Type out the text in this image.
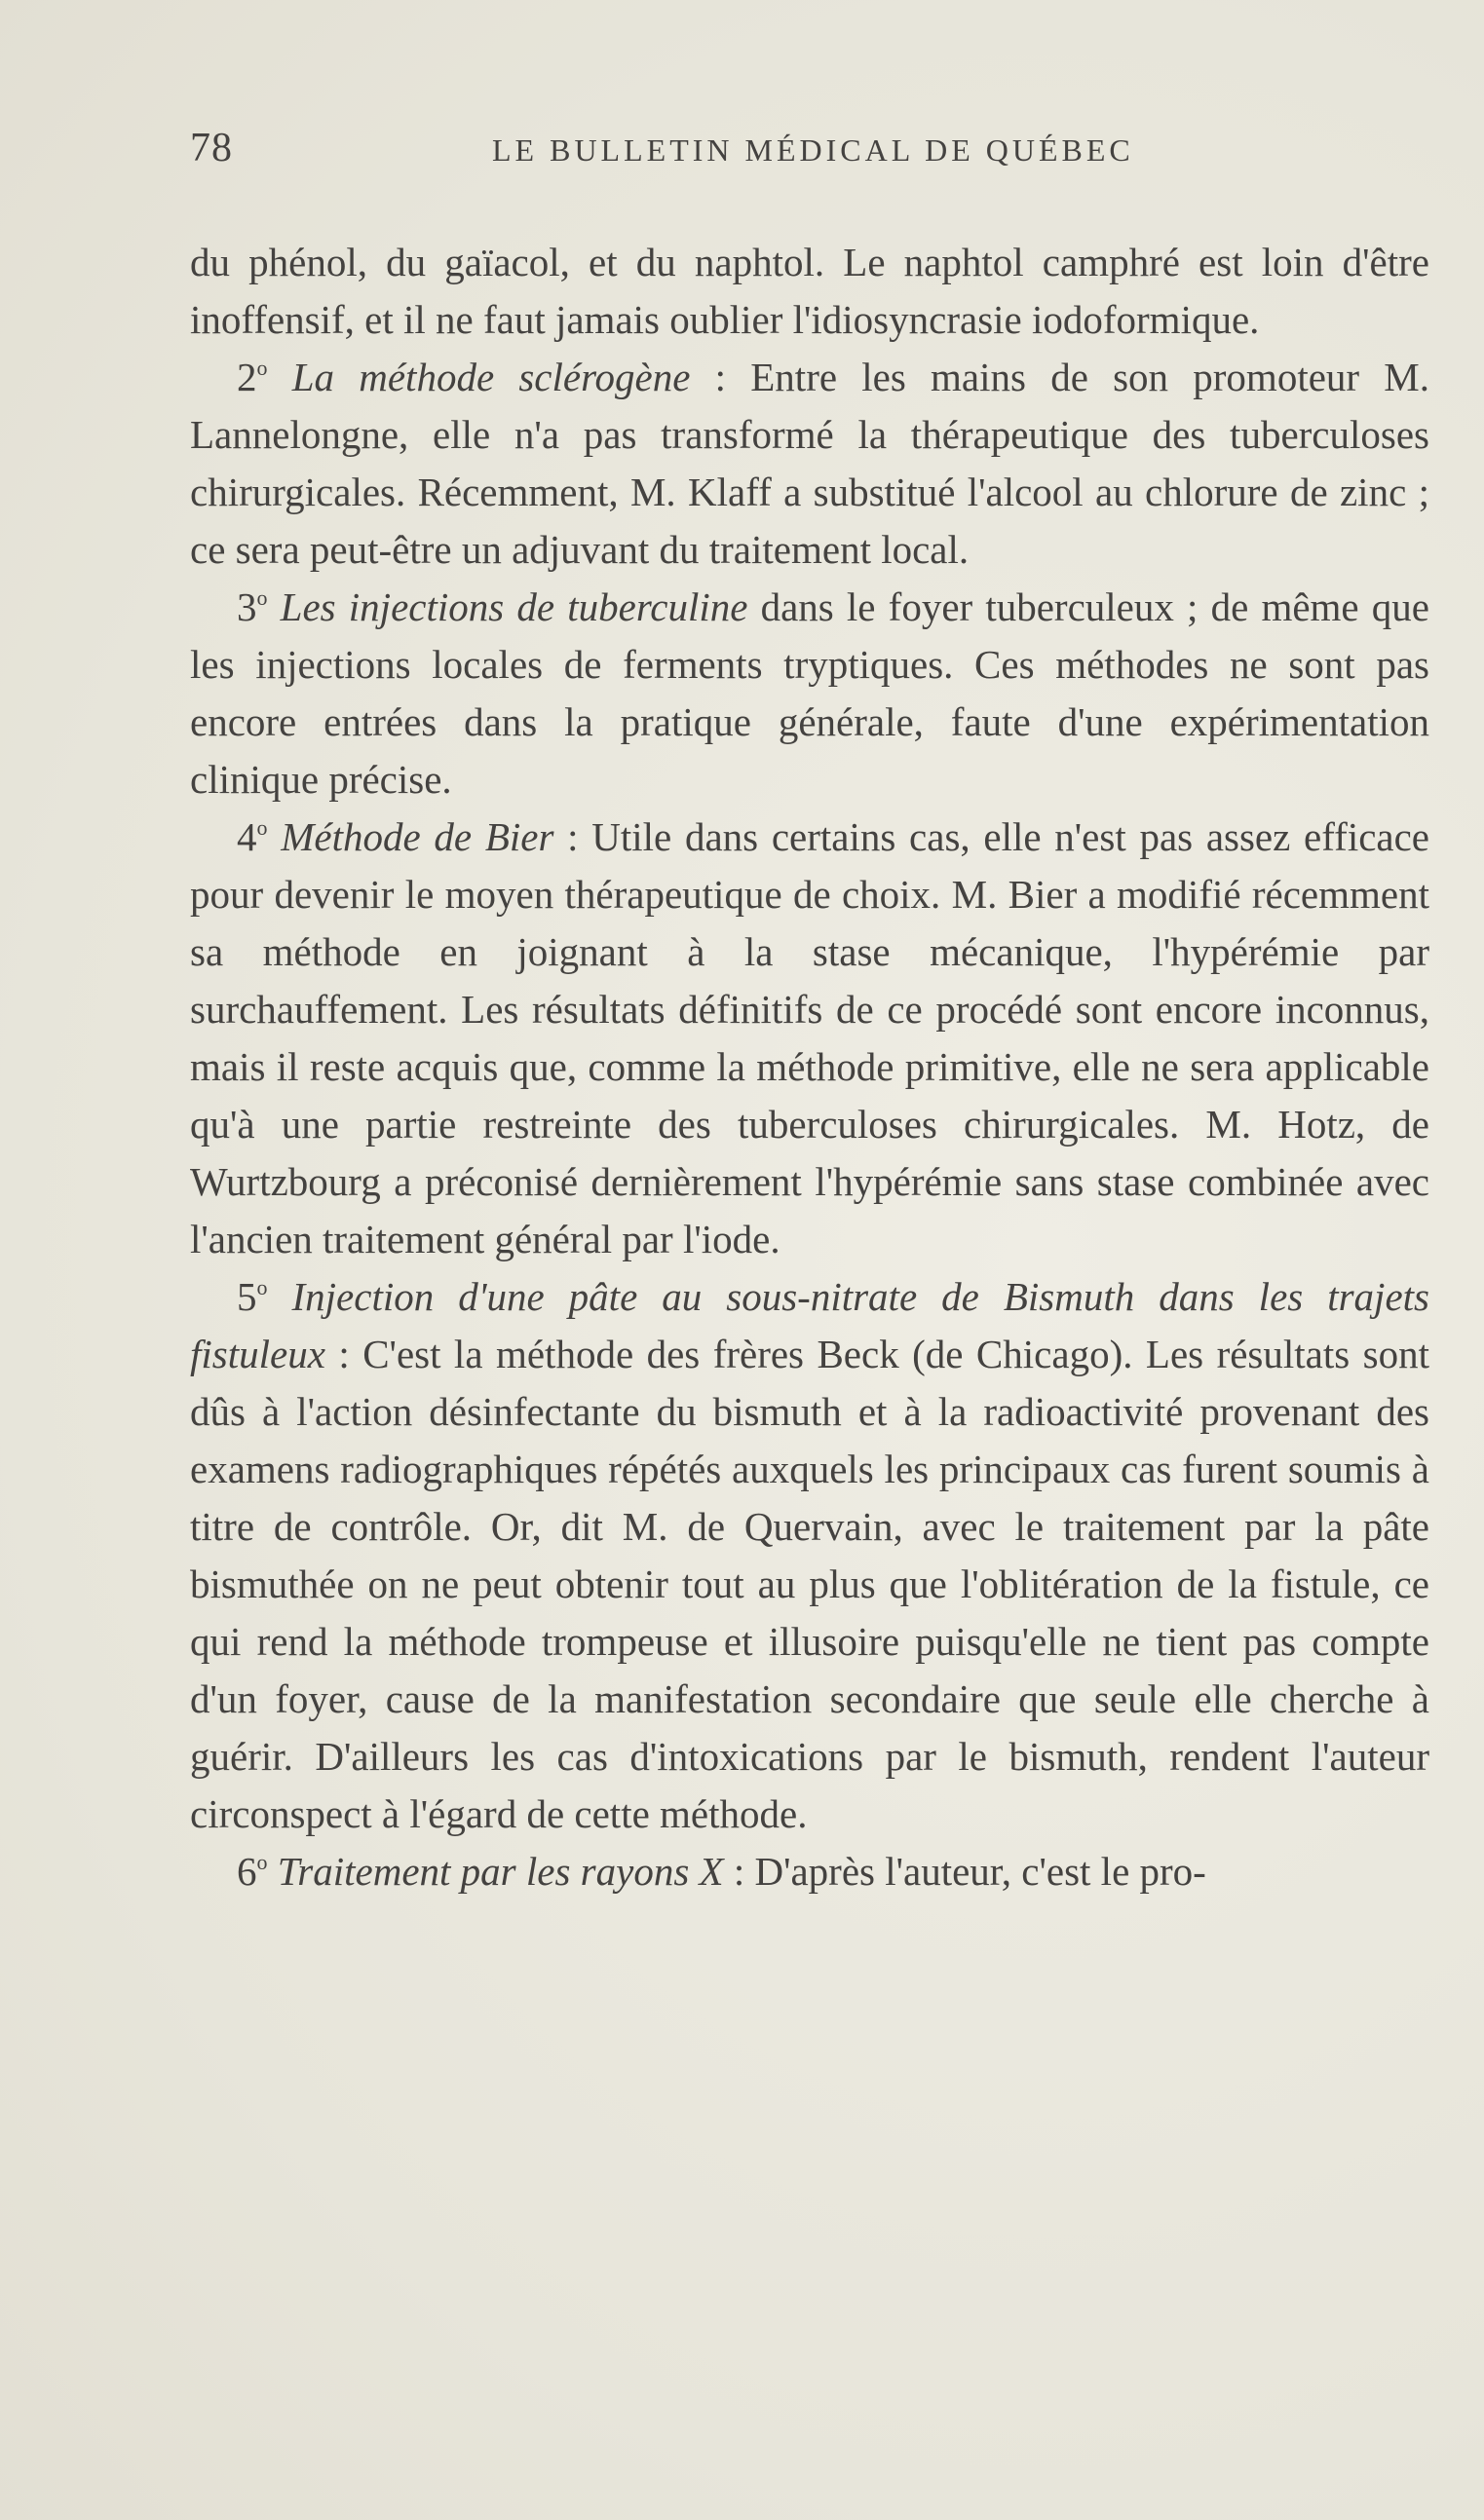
78	LE BULLETIN MÉDICAL DE QUÉBEC

du phénol, du gaïacol, et du naphtol. Le naphtol camphré est loin d'être inoffensif, et il ne faut jamais oublier l'idiosyncrasie iodoformique.

2$^o$ La méthode sclérogène : Entre les mains de son promoteur M. Lannelongne, elle n'a pas transformé la thérapeutique des tuberculoses chirurgicales. Récemment, M. Klaff a substitué l'alcool au chlorure de zinc ; ce sera peut-être un adjuvant du traitement local.

3$^o$ Les injections de tuberculine dans le foyer tuberculeux ; de même que les injections locales de ferments tryptiques. Ces méthodes ne sont pas encore entrées dans la pratique générale, faute d'une expérimentation clinique précise.

4$^o$ Méthode de Bier : Utile dans certains cas, elle n'est pas assez efficace pour devenir le moyen thérapeutique de choix. M. Bier a modifié récemment sa méthode en joignant à la stase mécanique, l'hypérémie par surchauffement. Les résultats définitifs de ce procédé sont encore inconnus, mais il reste acquis que, comme la méthode primitive, elle ne sera applicable qu'à une partie restreinte des tuberculoses chirurgicales. M. Hotz, de Wurtzbourg a préconisé dernièrement l'hypérémie sans stase combinée avec l'ancien traitement général par l'iode.

5$^o$ Injection d'une pâte au sous-nitrate de Bismuth dans les trajets fistuleux : C'est la méthode des frères Beck (de Chicago). Les résultats sont dûs à l'action désinfectante du bismuth et à la radioactivité provenant des examens radiographiques répétés auxquels les principaux cas furent soumis à titre de contrôle. Or, dit M. de Quervain, avec le traitement par la pâte bismuthée on ne peut obtenir tout au plus que l'oblitération de la fistule, ce qui rend la méthode trompeuse et illusoire puisqu'elle ne tient pas compte d'un foyer, cause de la manifestation secondaire que seule elle cherche à guérir. D'ailleurs les cas d'intoxications par le bismuth, rendent l'auteur circonspect à l'égard de cette méthode.

6$^o$ Traitement par les rayons X : D'après l'auteur, c'est le pro-
